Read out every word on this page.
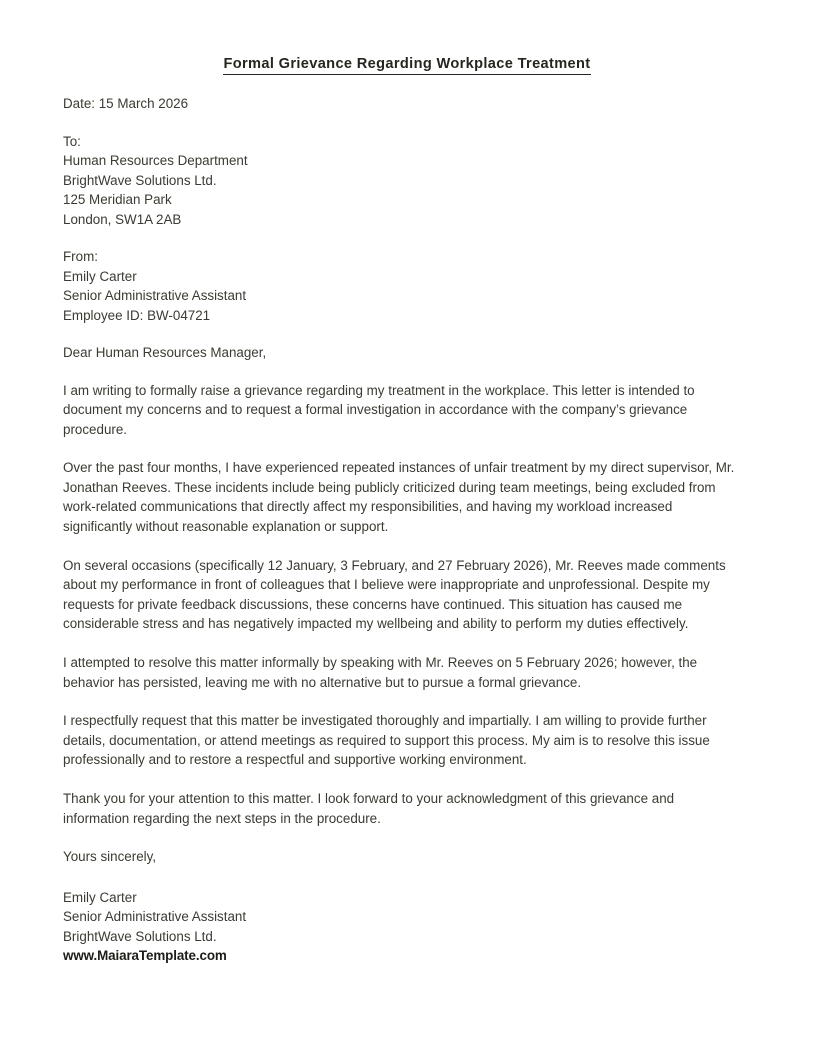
Formal Grievance Regarding Workplace Treatment
Date: 15 March 2026
To:
Human Resources Department
BrightWave Solutions Ltd.
125 Meridian Park
London, SW1A 2AB
From:
Emily Carter
Senior Administrative Assistant
Employee ID: BW-04721
Dear Human Resources Manager,

I am writing to formally raise a grievance regarding my treatment in the workplace. This letter is intended to document my concerns and to request a formal investigation in accordance with the company’s grievance procedure.

Over the past four months, I have experienced repeated instances of unfair treatment by my direct supervisor, Mr. Jonathan Reeves. These incidents include being publicly criticized during team meetings, being excluded from work-related communications that directly affect my responsibilities, and having my workload increased significantly without reasonable explanation or support.

On several occasions (specifically 12 January, 3 February, and 27 February 2026), Mr. Reeves made comments about my performance in front of colleagues that I believe were inappropriate and unprofessional. Despite my requests for private feedback discussions, these concerns have continued. This situation has caused me considerable stress and has negatively impacted my wellbeing and ability to perform my duties effectively.

I attempted to resolve this matter informally by speaking with Mr. Reeves on 5 February 2026; however, the behavior has persisted, leaving me with no alternative but to pursue a formal grievance.

I respectfully request that this matter be investigated thoroughly and impartially. I am willing to provide further details, documentation, or attend meetings as required to support this process. My aim is to resolve this issue professionally and to restore a respectful and supportive working environment.

Thank you for your attention to this matter. I look forward to your acknowledgment of this grievance and information regarding the next steps in the procedure.

Yours sincerely,
Emily Carter
Senior Administrative Assistant
BrightWave Solutions Ltd.
www.MaiaraTemplate.com
